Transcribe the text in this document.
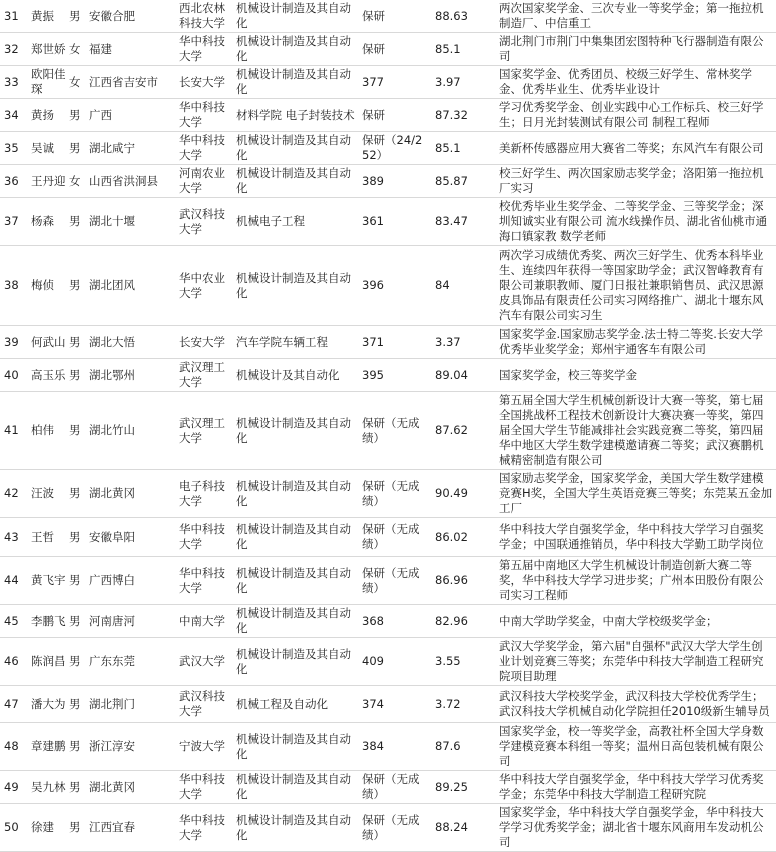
31	黄振	男	安徽合肥	西北农林科技大学	机械设计制造及其自动化	保研	88.63	两次国家奖学金、三次专业一等奖学金；第一拖拉机制造厂、中信重工
32	郑世娇	女	福建	华中科技大学	机械设计制造及其自动化	保研	85.1	湖北荆门市荆门中集集团宏图特种飞行器制造有限公司
33	欧阳佳琛	女	江西省吉安市	长安大学	机械设计制造及其自动化	377	3.97	国家奖学金、优秀团员、校级三好学生、常林奖学金、优秀毕业生、优秀毕业设计
34	黄扬	男	广西	华中科技大学	材料学院 电子封装技术	保研	87.32	学习优秀奖学金、创业实践中心工作标兵、校三好学生；日月光封装测试有限公司 制程工程师
35	吴诚	男	湖北咸宁	华中科技大学	机械设计制造及其自动化	保研（24/252）	85.1	美新杯传感器应用大赛省二等奖；东风汽车有限公司
36	王丹迎	女	山西省洪洞县	河南农业大学	机械设计制造及其自动化	389	85.87	校三好学生、两次国家励志奖学金；洛阳第一拖拉机厂实习
37	杨森	男	湖北十堰	武汉科技大学	机械电子工程	361	83.47	校优秀毕业生奖学金、二等奖学金、三等奖学金；深圳知诚实业有限公司 流水线操作员、湖北省仙桃市通海口镇家教 数学老师
38	梅侦	男	湖北团风	华中农业大学	机械设计制造及其自动化	396	84	两次学习成绩优秀奖、两次三好学生、优秀本科毕业生、连续四年获得一等国家助学金；武汉智峰教育有限公司兼职教师、厦门日报社兼职销售员、武汉思源皮具饰品有限责任公司实习网络推广、湖北十堰东风汽车有限公司实习生
39	何武山	男	湖北大悟	长安大学	汽车学院车辆工程	371	3.37	国家奖学金.国家励志奖学金.法士特二等奖.长安大学优秀毕业奖学金；郑州宇通客车有限公司
40	高玉乐	男	湖北鄂州	武汉理工大学	机械设计及其自动化	395	89.04	国家奖学金，校三等奖学金
41	柏伟	男	湖北竹山	武汉理工大学	机械设计制造及其自动化	保研（无成绩）	87.62	第五届全国大学生机械创新设计大赛一等奖，第七届全国挑战杯工程技术创新设计大赛决赛一等奖，第四届全国大学生节能减排社会实践竞赛二等奖，第四届华中地区大学生数学建模邀请赛二等奖；武汉赛鹏机械精密制造有限公司
42	汪波	男	湖北黄冈	电子科技大学	机械设计制造及其自动化	保研（无成绩）	90.49	国家励志奖学金，国家奖学金，美国大学生数学建模竞赛H奖，全国大学生英语竞赛三等奖；东莞某五金加工厂
43	王哲	男	安徽阜阳	华中科技大学	机械设计制造及其自动化	保研（无成绩）	86.02	华中科技大学自强奖学金，华中科技大学学习自强奖学金；中国联通推销员，华中科技大学勤工助学岗位
44	黄飞宇	男	广西博白	华中科技大学	机械设计制造及其自动化	保研（无成绩）	86.96	第五届中南地区大学生机械设计制造创新大赛二等奖，华中科技大学学习进步奖；广州本田股份有限公司实习工程师
45	李鹏飞	男	河南唐河	中南大学	机械设计制造及其自动化	368	82.96	中南大学助学奖金，中南大学校级奖学金；
46	陈润昌	男	广东东莞	武汉大学	机械设计制造及其自动化	409	3.55	武汉大学奖学金，第六届"自强杯"武汉大学大学生创业计划竞赛三等奖；东莞华中科技大学制造工程研究院项目助理
47	潘大为	男	湖北荆门	武汉科技大学	机械工程及自动化	374	3.72	武汉科技大学校奖学金，武汉科技大学校优秀学生；武汉科技大学机械自动化学院担任2010级新生辅导员
48	章建鹏	男	浙江淳安	宁波大学	机械设计制造及其自动化	384	87.6	国家奖学金，校一等奖学金，高教社杯全国大学身数学建模竞赛本科组一等奖；温州日高包装机械有限公司
49	吴九林	男	湖北黄冈	华中科技大学	机械设计制造及其自动化	保研（无成绩）	89.25	华中科技大学自强奖学金，华中科技大学学习优秀奖学金；东莞华中科技大学制造工程研究院
50	徐建	男	江西宜春	华中科技大学	机械设计制造及其自动化	保研（无成绩）	88.24	国家奖学金，华中科技大学自强奖学金，华中科技大学学习优秀奖学金；湖北省十堰东风商用车发动机公司
